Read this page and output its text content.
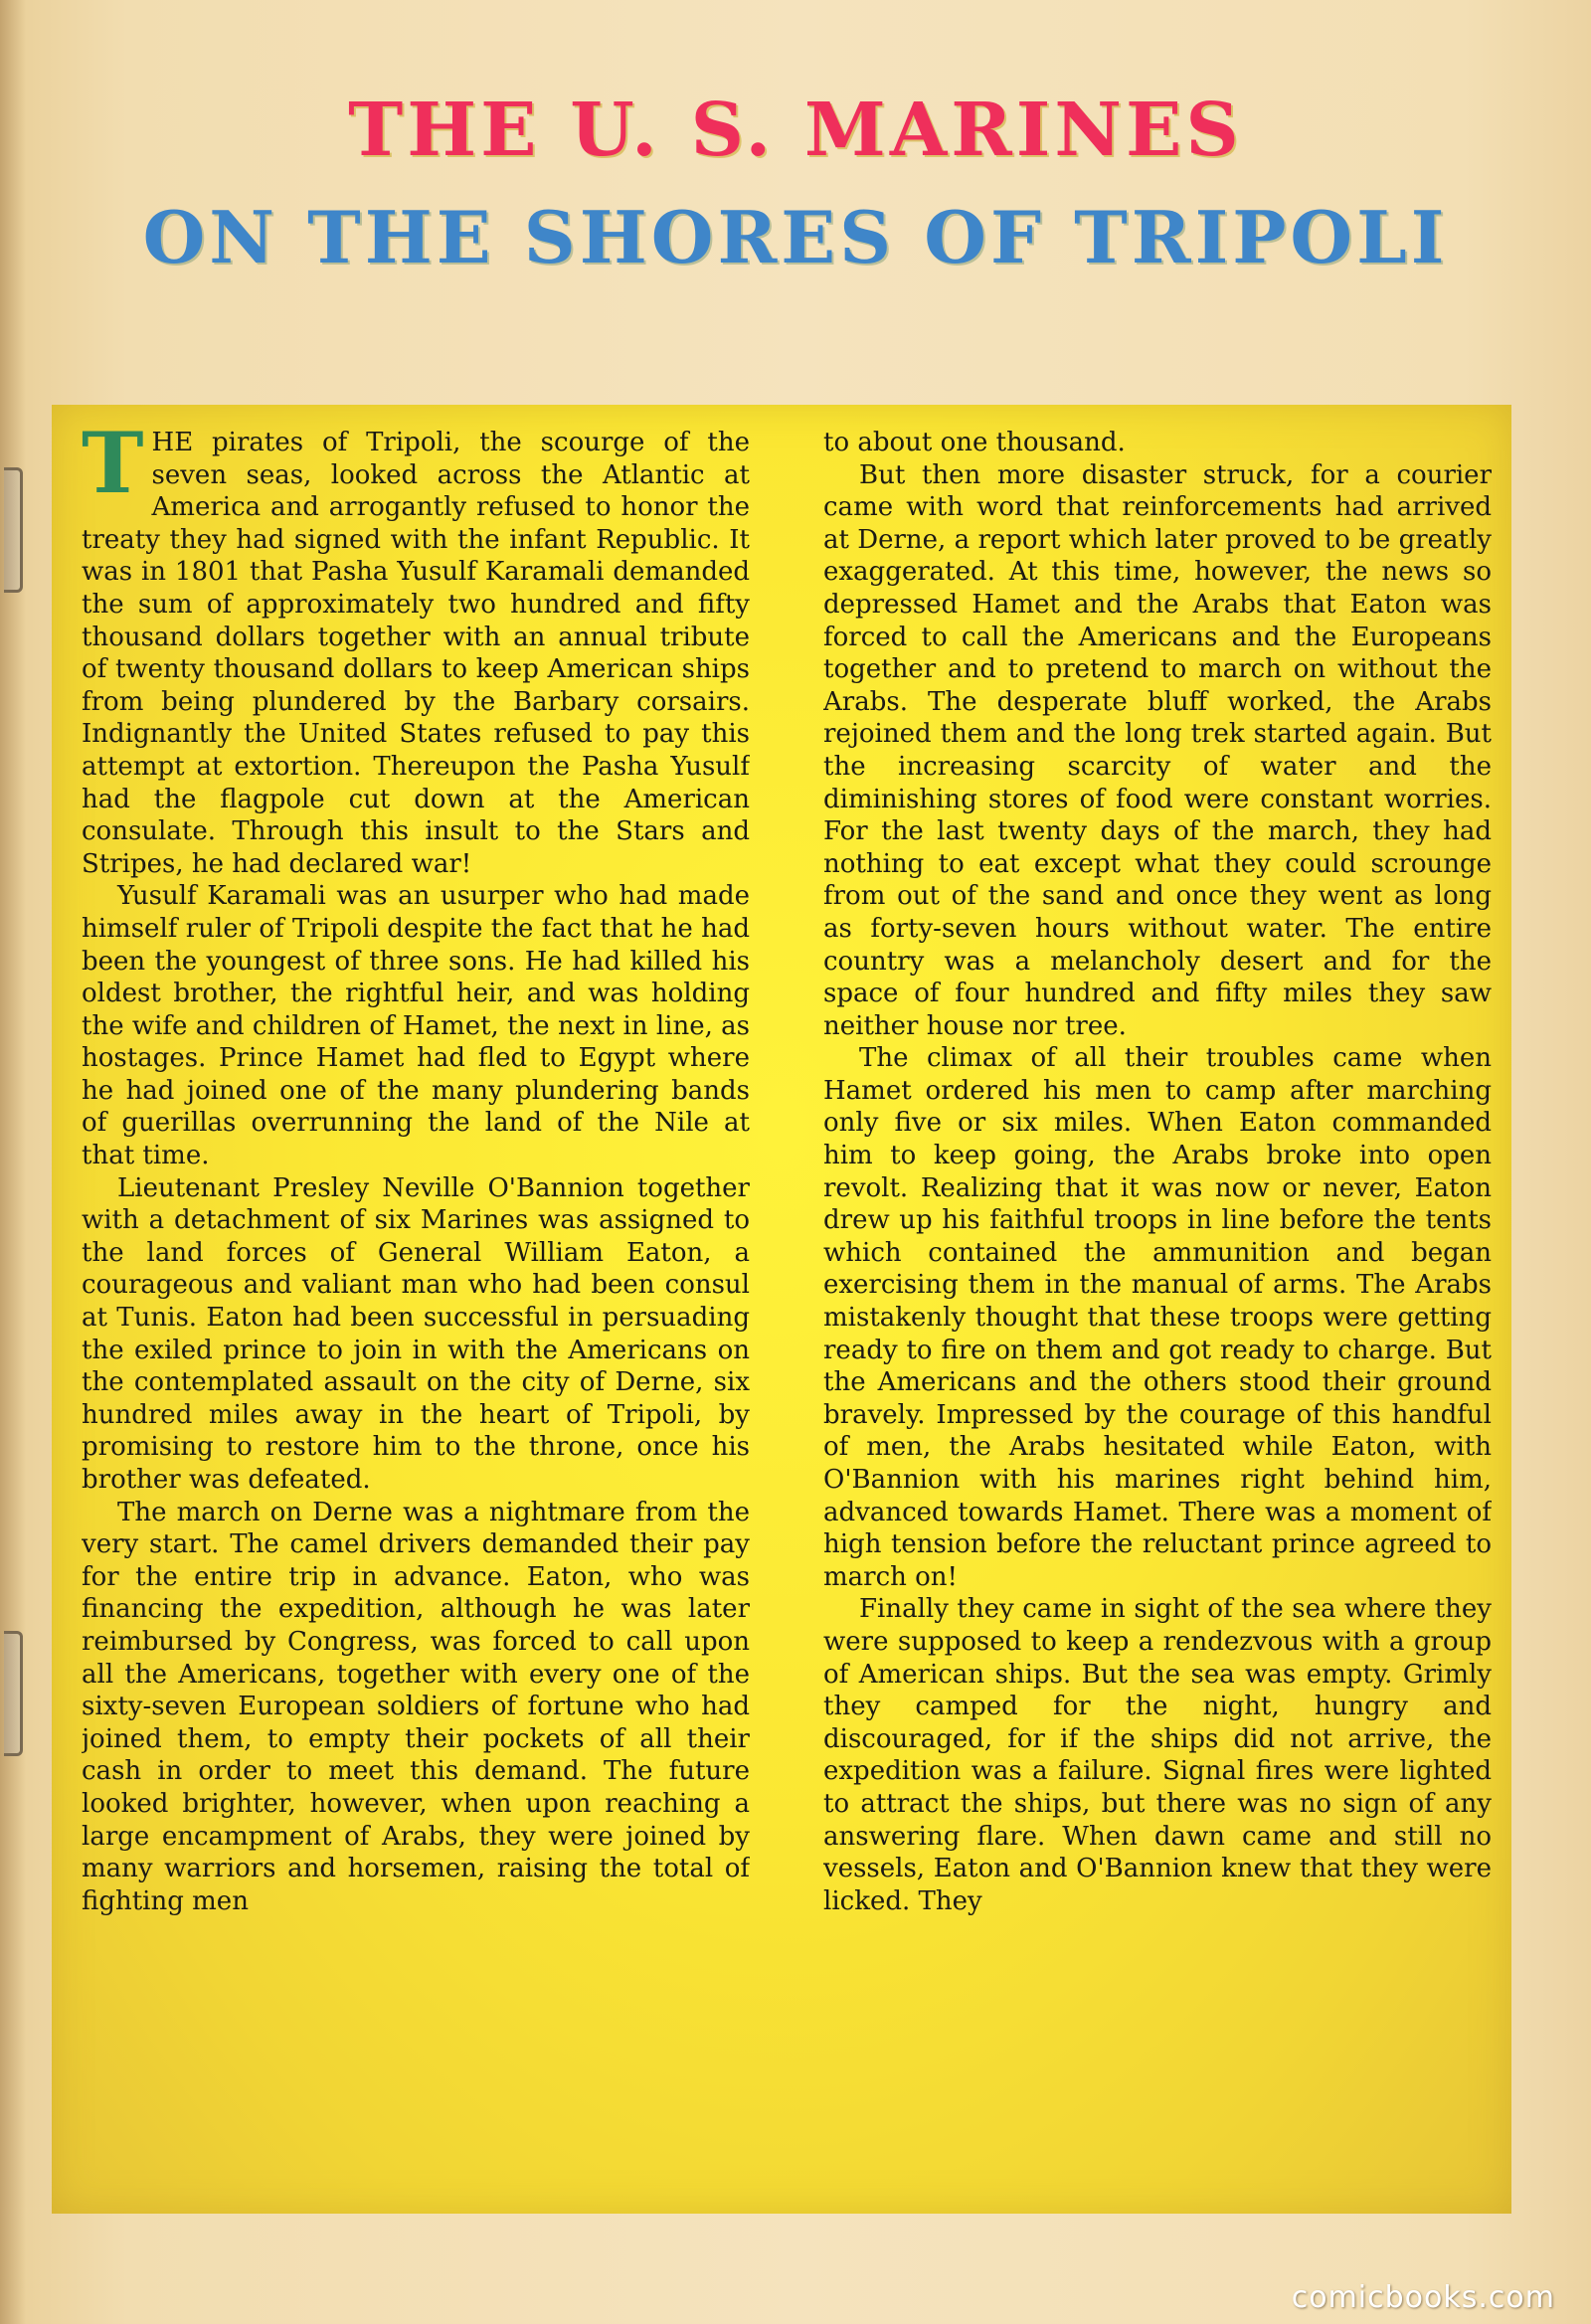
THE U. S. MARINES
ON THE SHORES OF TRIPOLI

THE pirates of Tripoli, the scourge of the seven seas, looked across the Atlantic at America and arrogantly refused to honor the treaty they had signed with the infant Republic. It was in 1801 that Pasha Yusulf Karamali demanded the sum of approximately two hundred and fifty thousand dollars together with an annual tribute of twenty thousand dollars to keep American ships from being plundered by the Barbary corsairs. Indignantly the United States refused to pay this attempt at extortion. Thereupon the Pasha Yusulf had the flagpole cut down at the American consulate. Through this insult to the Stars and Stripes, he had declared war!

Yusulf Karamali was an usurper who had made himself ruler of Tripoli despite the fact that he had been the youngest of three sons. He had killed his oldest brother, the rightful heir, and was holding the wife and children of Hamet, the next in line, as hostages. Prince Hamet had fled to Egypt where he had joined one of the many plundering bands of guerillas overrunning the land of the Nile at that time.

Lieutenant Presley Neville O'Bannion together with a detachment of six Marines was assigned to the land forces of General William Eaton, a courageous and valiant man who had been consul at Tunis. Eaton had been successful in persuading the exiled prince to join in with the Americans on the contemplated assault on the city of Derne, six hundred miles away in the heart of Tripoli, by promising to restore him to the throne, once his brother was defeated.

The march on Derne was a nightmare from the very start. The camel drivers demanded their pay for the entire trip in advance. Eaton, who was financing the expedition, although he was later reimbursed by Congress, was forced to call upon all the Americans, together with every one of the sixty-seven European soldiers of fortune who had joined them, to empty their pockets of all their cash in order to meet this demand. The future looked brighter, however, when upon reaching a large encampment of Arabs, they were joined by many warriors and horsemen, raising the total of fighting men

to about one thousand.

But then more disaster struck, for a courier came with word that reinforcements had arrived at Derne, a report which later proved to be greatly exaggerated. At this time, however, the news so depressed Hamet and the Arabs that Eaton was forced to call the Americans and the Europeans together and to pretend to march on without the Arabs. The desperate bluff worked, the Arabs rejoined them and the long trek started again. But the increasing scarcity of water and the diminishing stores of food were constant worries. For the last twenty days of the march, they had nothing to eat except what they could scrounge from out of the sand and once they went as long as forty-seven hours without water. The entire country was a melancholy desert and for the space of four hundred and fifty miles they saw neither house nor tree.

The climax of all their troubles came when Hamet ordered his men to camp after marching only five or six miles. When Eaton commanded him to keep going, the Arabs broke into open revolt. Realizing that it was now or never, Eaton drew up his faithful troops in line before the tents which contained the ammunition and began exercising them in the manual of arms. The Arabs mistakenly thought that these troops were getting ready to fire on them and got ready to charge. But the Americans and the others stood their ground bravely. Impressed by the courage of this handful of men, the Arabs hesitated while Eaton, with O'Bannion with his marines right behind him, advanced towards Hamet. There was a moment of high tension before the reluctant prince agreed to march on!

Finally they came in sight of the sea where they were supposed to keep a rendezvous with a group of American ships. But the sea was empty. Grimly they camped for the night, hungry and discouraged, for if the ships did not arrive, the expedition was a failure. Signal fires were lighted to attract the ships, but there was no sign of any answering flare. When dawn came and still no vessels, Eaton and O'Bannion knew that they were licked. They

comicbooks.com
